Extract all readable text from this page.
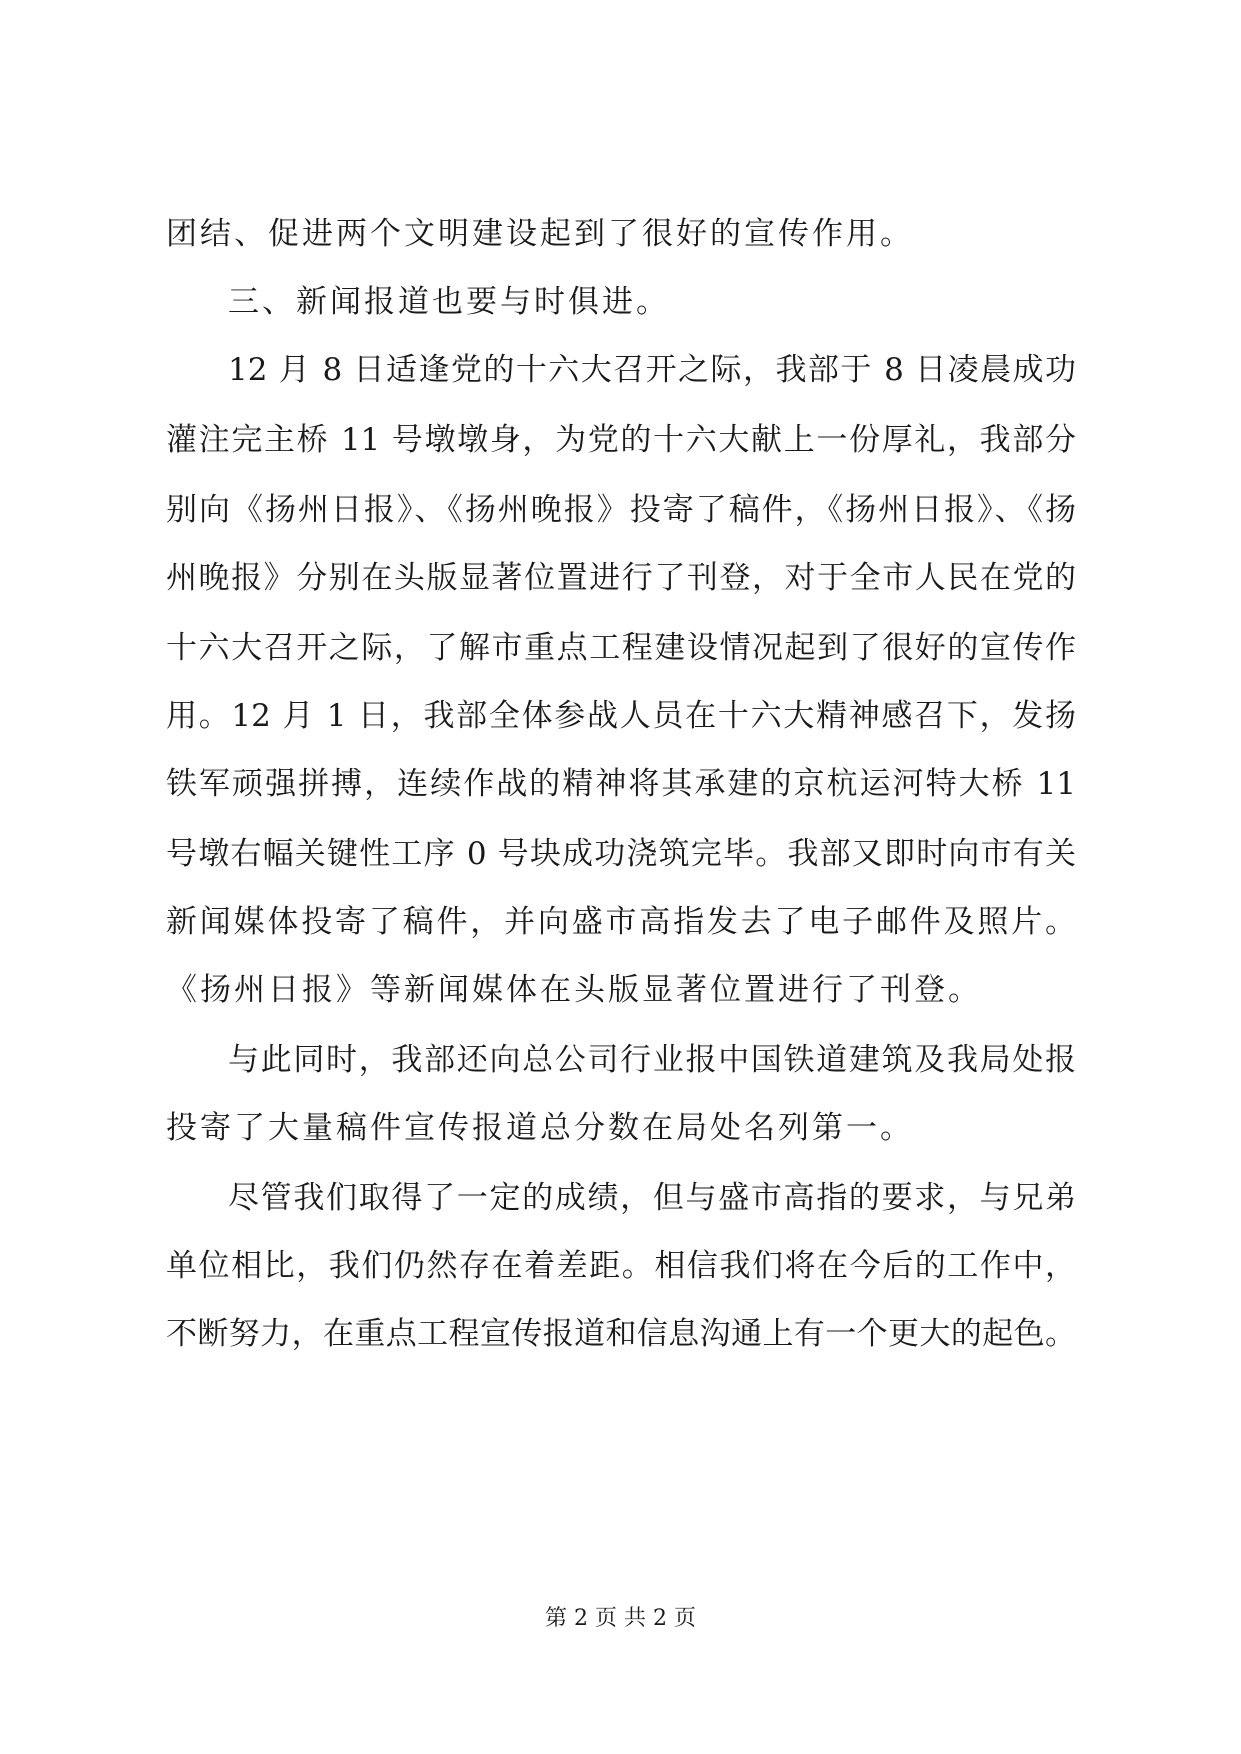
团结、促进两个文明建设起到了很好的宣传作用。
三、新闻报道也要与时俱进。
12 月 8 日适逢党的十六大召开之际，我部于 8 日凌晨成功
灌注完主桥 11 号墩墩身，为党的十六大献上一份厚礼，我部分
别向《扬州日报》、《扬州晚报》投寄了稿件，《扬州日报》、《扬
州晚报》分别在头版显著位置进行了刊登，对于全市人民在党的
十六大召开之际，了解市重点工程建设情况起到了很好的宣传作
用。12 月 1 日，我部全体参战人员在十六大精神感召下，发扬
铁军顽强拼搏，连续作战的精神将其承建的京杭运河特大桥 11
号墩右幅关键性工序 0 号块成功浇筑完毕。我部又即时向市有关
新闻媒体投寄了稿件，并向盛市高指发去了电子邮件及照片。
《扬州日报》等新闻媒体在头版显著位置进行了刊登。
与此同时，我部还向总公司行业报中国铁道建筑及我局处报
投寄了大量稿件宣传报道总分数在局处名列第一。
尽管我们取得了一定的成绩，但与盛市高指的要求，与兄弟
单位相比，我们仍然存在着差距。相信我们将在今后的工作中，
不断努力，在重点工程宣传报道和信息沟通上有一个更大的起色。
第 2 页 共 2 页
